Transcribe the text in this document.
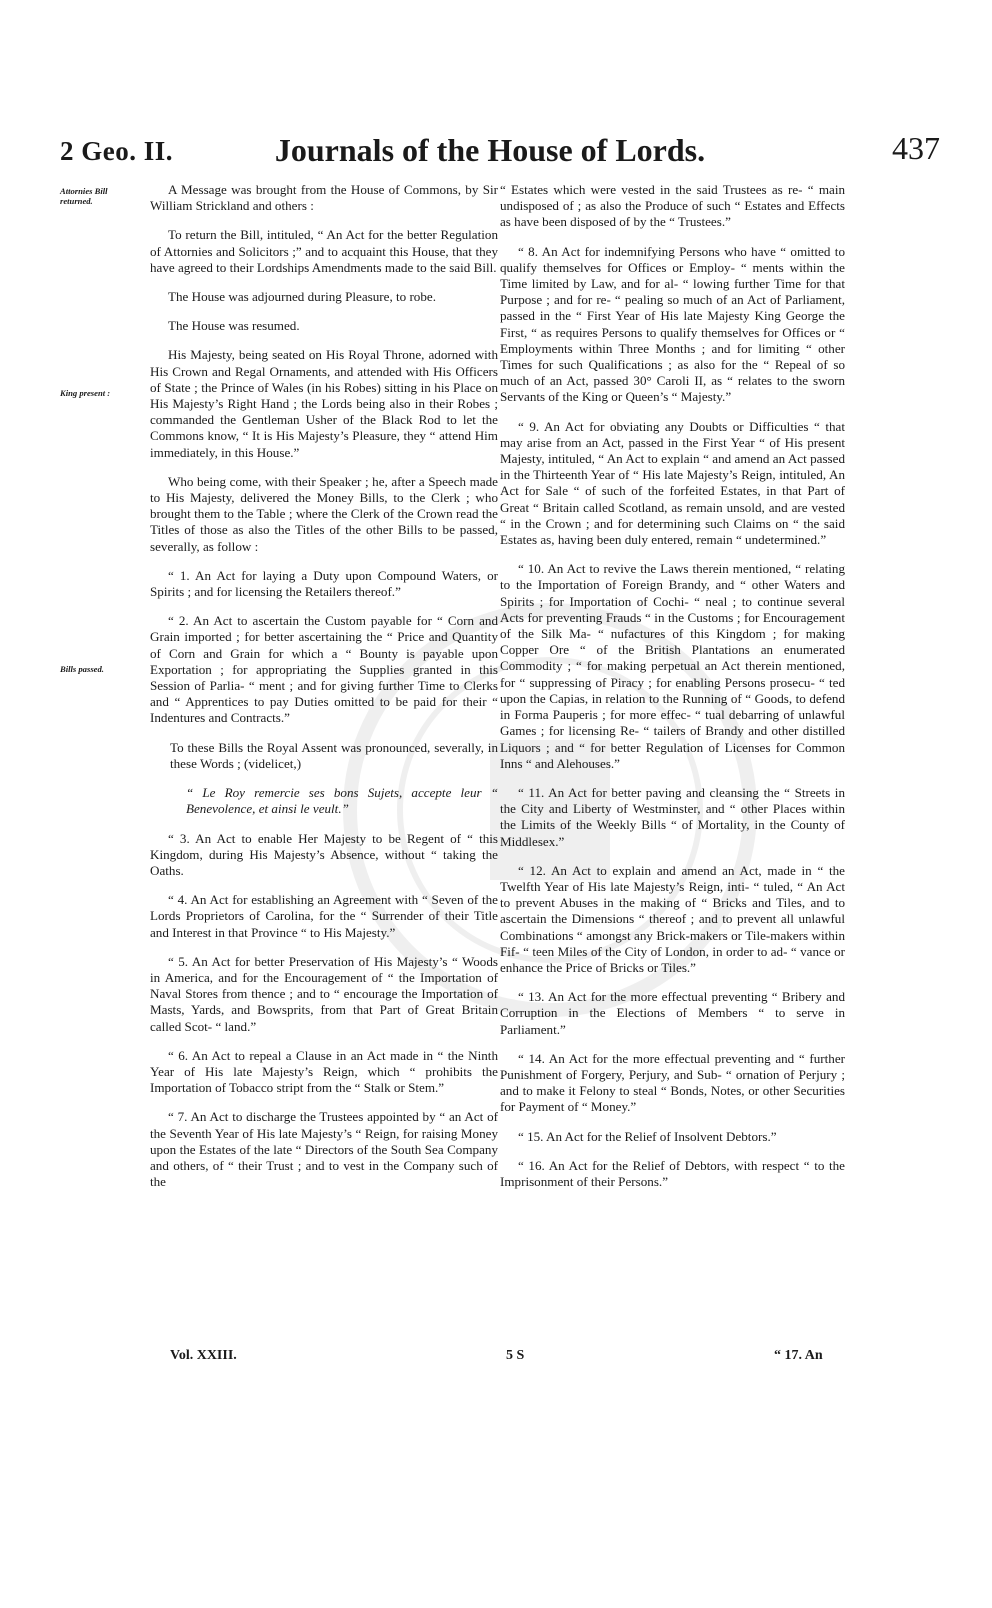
2 Geo. II.	Journals of the House of Lords.	437
Attornies Bill returned.
King present :
Bills passed.

A Message was brought from the House of Commons, by Sir William Strickland and others :

To return the Bill, intituled, “ An Act for the better Regulation of Attornies and Solicitors ;” and to acquaint this House, that they have agreed to their Lordships Amendments made to the said Bill.

The House was adjourned during Pleasure, to robe.

The House was resumed.

His Majesty, being seated on His Royal Throne, adorned with His Crown and Regal Ornaments, and attended with His Officers of State ; the Prince of Wales (in his Robes) sitting in his Place on His Majesty’s Right Hand ; the Lords being also in their Robes ; commanded the Gentleman Usher of the Black Rod to let the Commons know, “ It is His Majesty’s Pleasure, they “ attend Him immediately, in this House.”

Who being come, with their Speaker ; he, after a Speech made to His Majesty, delivered the Money Bills, to the Clerk ; who brought them to the Table ; where the Clerk of the Crown read the Titles of those as also the Titles of the other Bills to be passed, severally, as follow :

“ 1. An Act for laying a Duty upon Compound Waters, or Spirits ; and for licensing the Retailers thereof.”

“ 2. An Act to ascertain the Custom payable for “ Corn and Grain imported ; for better ascertaining the “ Price and Quantity of Corn and Grain for which a “ Bounty is payable upon Exportation ; for appropriating the Supplies granted in this Session of Parlia- “ ment ; and for giving further Time to Clerks and “ Apprentices to pay Duties omitted to be paid for their “ Indentures and Contracts.”

To these Bills the Royal Assent was pronounced, severally, in these Words ; (videlicet,)

“ Le Roy remercie ses bons Sujets, accepte leur “ Benevolence, et ainsi le veult.”

“ 3. An Act to enable Her Majesty to be Regent of “ this Kingdom, during His Majesty’s Absence, without “ taking the Oaths.

“ 4. An Act for establishing an Agreement with “ Seven of the Lords Proprietors of Carolina, for the “ Surrender of their Title and Interest in that Province “ to His Majesty.”

“ 5. An Act for better Preservation of His Majesty’s “ Woods in America, and for the Encouragement of “ the Importation of Naval Stores from thence ; and to “ encourage the Importation of Masts, Yards, and Bowsprits, from that Part of Great Britain called Scot- “ land.”

“ 6. An Act to repeal a Clause in an Act made in “ the Ninth Year of His late Majesty’s Reign, which “ prohibits the Importation of Tobacco stript from the “ Stalk or Stem.”

“ 7. An Act to discharge the Trustees appointed by “ an Act of the Seventh Year of His late Majesty’s “ Reign, for raising Money upon the Estates of the late “ Directors of the South Sea Company and others, of “ their Trust ; and to vest in the Company such of the

“ Estates which were vested in the said Trustees as re- “ main undisposed of ; as also the Produce of such “ Estates and Effects as have been disposed of by the “ Trustees.”

“ 8. An Act for indemnifying Persons who have “ omitted to qualify themselves for Offices or Employ- “ ments within the Time limited by Law, and for al- “ lowing further Time for that Purpose ; and for re- “ pealing so much of an Act of Parliament, passed in the “ First Year of His late Majesty King George the First, “ as requires Persons to qualify themselves for Offices or “ Employments within Three Months ; and for limiting “ other Times for such Qualifications ; as also for the “ Repeal of so much of an Act, passed 30° Caroli II, as “ relates to the sworn Servants of the King or Queen’s “ Majesty.”

“ 9. An Act for obviating any Doubts or Difficulties “ that may arise from an Act, passed in the First Year “ of His present Majesty, intituled, “ An Act to explain “ and amend an Act passed in the Thirteenth Year of “ His late Majesty’s Reign, intituled, An Act for Sale “ of such of the forfeited Estates, in that Part of Great “ Britain called Scotland, as remain unsold, and are vested “ in the Crown ; and for determining such Claims on “ the said Estates as, having been duly entered, remain “ undetermined.”

“ 10. An Act to revive the Laws therein mentioned, “ relating to the Importation of Foreign Brandy, and “ other Waters and Spirits ; for Importation of Cochi- “ neal ; to continue several Acts for preventing Frauds “ in the Customs ; for Encouragement of the Silk Ma- “ nufactures of this Kingdom ; for making Copper Ore “ of the British Plantations an enumerated Commodity ; “ for making perpetual an Act therein mentioned, for “ suppressing of Piracy ; for enabling Persons prosecu- “ ted upon the Capias, in relation to the Running of “ Goods, to defend in Forma Pauperis ; for more effec- “ tual debarring of unlawful Games ; for licensing Re- “ tailers of Brandy and other distilled Liquors ; and “ for better Regulation of Licenses for Common Inns “ and Alehouses.”

“ 11. An Act for better paving and cleansing the “ Streets in the City and Liberty of Westminster, and “ other Places within the Limits of the Weekly Bills “ of Mortality, in the County of Middlesex.”

“ 12. An Act to explain and amend an Act, made in “ the Twelfth Year of His late Majesty’s Reign, inti- “ tuled, “ An Act to prevent Abuses in the making of “ Bricks and Tiles, and to ascertain the Dimensions “ thereof ; and to prevent all unlawful Combinations “ amongst any Brick-makers or Tile-makers within Fif- “ teen Miles of the City of London, in order to ad- “ vance or enhance the Price of Bricks or Tiles.”

“ 13. An Act for the more effectual preventing “ Bribery and Corruption in the Elections of Members “ to serve in Parliament.”

“ 14. An Act for the more effectual preventing and “ further Punishment of Forgery, Perjury, and Sub- “ ornation of Perjury ; and to make it Felony to steal “ Bonds, Notes, or other Securities for Payment of “ Money.”

“ 15. An Act for the Relief of Insolvent Debtors.”

“ 16. An Act for the Relief of Debtors, with respect “ to the Imprisonment of their Persons.”

Vol. XXIII.	5 S	“ 17. An
